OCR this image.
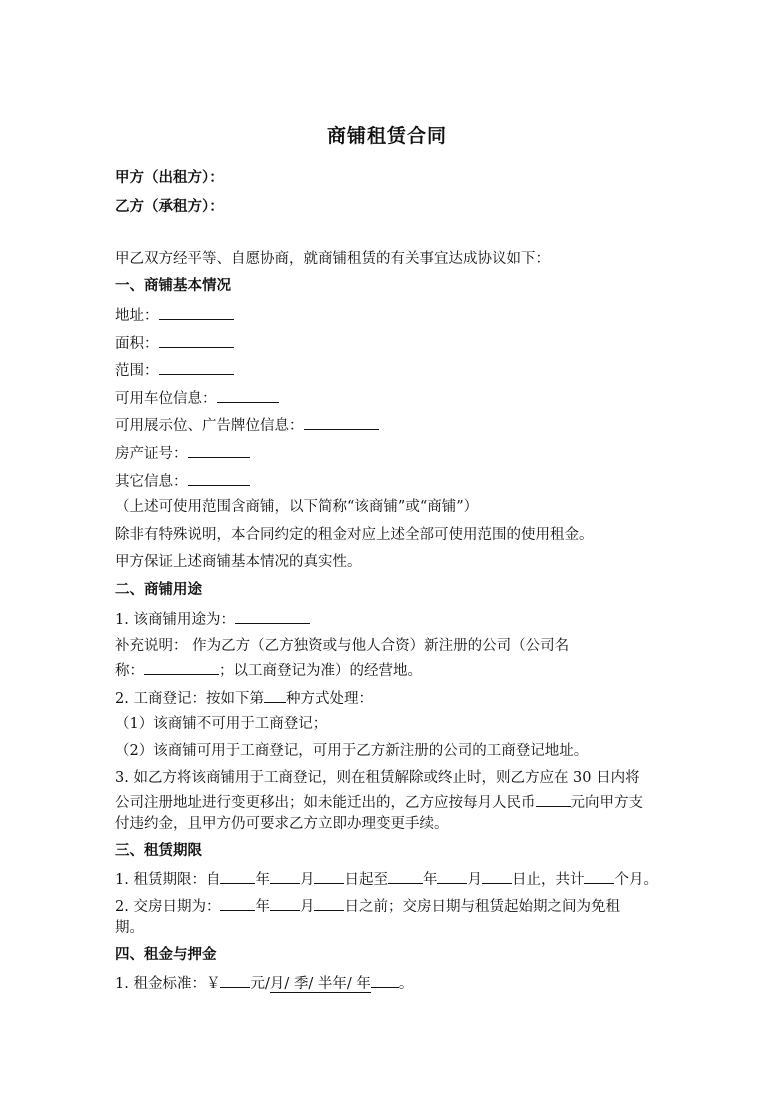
商铺租赁合同
甲方（出租方）：
乙方（承租方）：
甲乙双方经平等、自愿协商，就商铺租赁的有关事宜达成协议如下：
一、商铺基本情况
地址：
面积：
范围：
可用车位信息：
可用展示位、广告牌位信息：
房产证号：
其它信息：
（上述可使用范围含商铺，以下简称“该商铺”或“商铺”）
除非有特殊说明，本合同约定的租金对应上述全部可使用范围的使用租金。
甲方保证上述商铺基本情况的真实性。
二、商铺用途
1. 该商铺用途为：
补充说明： 作为乙方（乙方独资或与他人合资）新注册的公司（公司名
称：	；以工商登记为准）的经营地。
2. 工商登记：按如下第 种方式处理：
（1）该商铺不可用于工商登记；
（2）该商铺可用于工商登记，可用于乙方新注册的公司的工商登记地址。
3. 如乙方将该商铺用于工商登记，则在租赁解除或终止时，则乙方应在 30 日内将
公司注册地址进行变更移出；如未能迁出的，乙方应按每月人民币 元向甲方支
付违约金，且甲方仍可要求乙方立即办理变更手续。
三、租赁期限
1. 租赁期限：自 年 月 日起至 年 月 日止，共计 个月。
2. 交房日期为： 年 月 日之前；交房日期与租赁起始期之间为免租
期。
四、租金与押金
1. 租金标准：￥ 元/月/ 季/ 半年/ 年 。
